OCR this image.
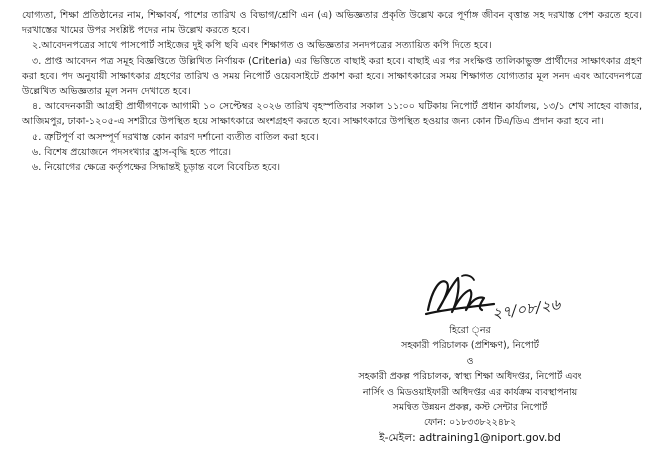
যোগ্যতা, শিক্ষা প্রতিষ্ঠানের নাম, শিক্ষাবর্ষ, পাশের তারিখ ও বিভাগ/শ্রেণি এন (এ) অভিজ্ঞতার প্রকৃতি উল্লেখ করে পূর্ণাঙ্গ জীবন বৃত্তান্ত সহ দরখাস্ত পেশ করতে হবে। দরখাস্তের খামের উপর সংশ্লিষ্ট পদের নাম উল্লেখ করতে হবে।

২.আবেদনপত্রের সাথে পাসপোর্ট সাইজের দুই কপি ছবি এবং শিক্ষাগত ও অভিজ্ঞতার সনদপত্রের সত্যায়িত কপি দিতে হবে।

৩. প্রাপ্ত আবেদন পত্র সমূহ বিজ্ঞপ্তিতে উল্লিখিত নির্ণায়ক (Criteria) এর ভিত্তিতে বাছাই করা হবে। বাছাই এর পর সংক্ষিপ্ত তালিকাভুক্ত প্রার্থীদের সাক্ষাৎকার গ্রহণ করা হবে। পদ অনুযায়ী সাক্ষাৎকার গ্রহণের তারিখ ও সময় নিপোর্ট ওয়েবসাইটে প্রকাশ করা হবে। সাক্ষাৎকারের সময় শিক্ষাগত যোগ্যতার মূল সনদ এবং আবেদনপত্রে উল্লেখিত অভিজ্ঞতার মূল সনদ দেখাতে হবে।

৪. আবেদনকারী আগ্রহী প্রার্থীগণকে আগামী ১০ সেপ্টেম্বর ২০২৬ তারিখ বৃহস্পতিবার সকাল ১১:০০ ঘটিকায় নিপোর্ট প্রধান কার্যালয়, ১৩/১ শেখ সাহেব বাজার, আজিমপুর, ঢাকা-১২০৫-এ সশরীরে উপস্থিত হয়ে সাক্ষাৎকারে অংশগ্রহণ করতে হবে। সাক্ষাৎকারে উপস্থিত হওয়ার জন্য কোন টিএ/ডিএ প্রদান করা হবে না।

৫. ত্রুটিপূর্ণ বা অসম্পূর্ণ দরখাস্ত কোন কারণ দর্শানো ব্যতীত বাতিল করা হবে।

৬. বিশেষ প্রয়োজনে পদসংখ্যার হ্রাস-বৃদ্ধি হতে পারে।

৬. নিয়োগের ক্ষেত্রে কর্তৃপক্ষের সিদ্ধান্তই চূড়ান্ত বলে বিবেচিত হবে।

২৭/০৮/২৬
হিরো ্নর
সহকারী পরিচালক (প্রশিক্ষণ), নিপোর্ট
ও
সহকারী প্রকল্প পরিচালক, স্বাস্থ্য শিক্ষা অধিদপ্তর, নিপোর্ট এবং
নার্সিং ও মিডওয়াইফারী অধিদপ্তর এর কার্যক্রম ব্যবস্থাপনায়
সমন্বিত উন্নয়ন প্রকল্প, কস্ট সেন্টার নিপোর্ট
ফোন: ০১৮৩৩৮২২৪৮২
ই-মেইল: adtraining1@niport.gov.bd
